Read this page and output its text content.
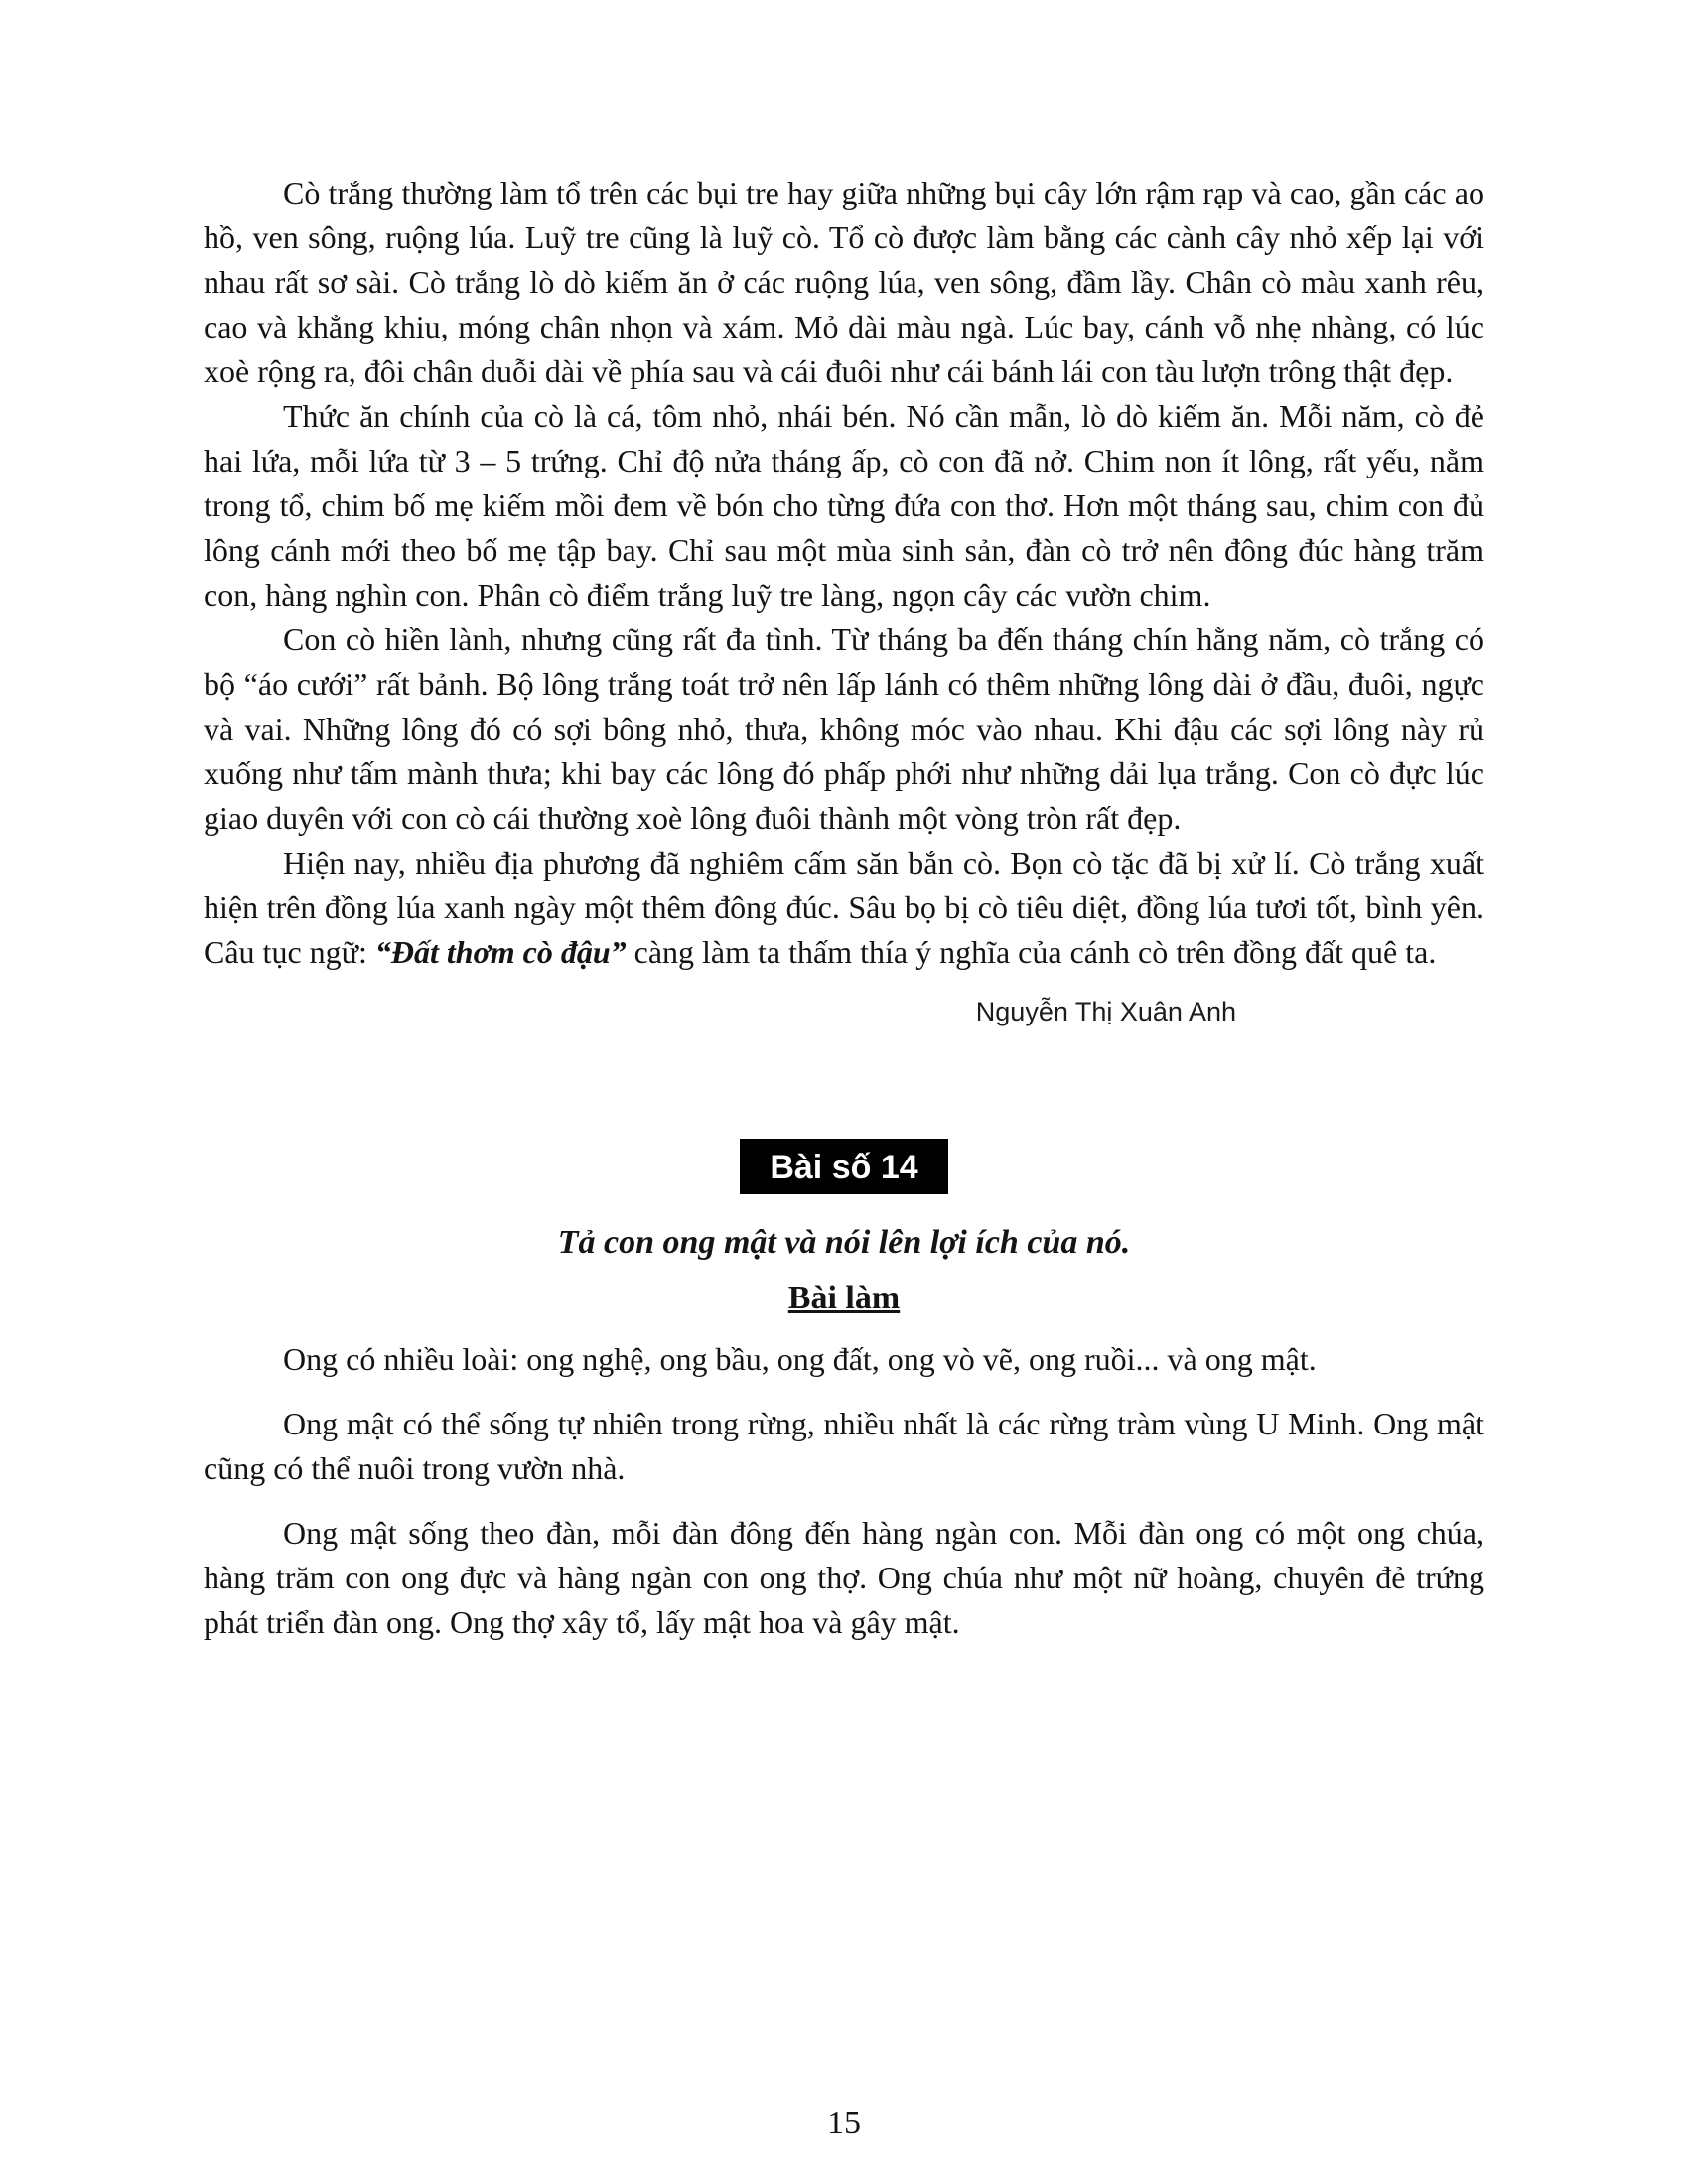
Cò trắng thường làm tổ trên các bụi tre hay giữa những bụi cây lớn rậm rạp và cao, gần các ao hồ, ven sông, ruộng lúa. Luỹ tre cũng là luỹ cò. Tổ cò được làm bằng các cành cây nhỏ xếp lại với nhau rất sơ sài. Cò trắng lò dò kiếm ăn ở các ruộng lúa, ven sông, đầm lầy. Chân cò màu xanh rêu, cao và khẳng khiu, móng chân nhọn và xám. Mỏ dài màu ngà. Lúc bay, cánh vỗ nhẹ nhàng, có lúc xoè rộng ra, đôi chân duỗi dài về phía sau và cái đuôi như cái bánh lái con tàu lượn trông thật đẹp.

Thức ăn chính của cò là cá, tôm nhỏ, nhái bén. Nó cần mẫn, lò dò kiếm ăn. Mỗi năm, cò đẻ hai lứa, mỗi lứa từ 3 – 5 trứng. Chỉ độ nửa tháng ấp, cò con đã nở. Chim non ít lông, rất yếu, nằm trong tổ, chim bố mẹ kiếm mồi đem về bón cho từng đứa con thơ. Hơn một tháng sau, chim con đủ lông cánh mới theo bố mẹ tập bay. Chỉ sau một mùa sinh sản, đàn cò trở nên đông đúc hàng trăm con, hàng nghìn con. Phân cò điểm trắng luỹ tre làng, ngọn cây các vườn chim.

Con cò hiền lành, nhưng cũng rất đa tình. Từ tháng ba đến tháng chín hằng năm, cò trắng có bộ “áo cưới” rất bảnh. Bộ lông trắng toát trở nên lấp lánh có thêm những lông dài ở đầu, đuôi, ngực và vai. Những lông đó có sợi bông nhỏ, thưa, không móc vào nhau. Khi đậu các sợi lông này rủ xuống như tấm mành thưa; khi bay các lông đó phấp phới như những dải lụa trắng. Con cò đực lúc giao duyên với con cò cái thường xoè lông đuôi thành một vòng tròn rất đẹp.

Hiện nay, nhiều địa phương đã nghiêm cấm săn bắn cò. Bọn cò tặc đã bị xử lí. Cò trắng xuất hiện trên đồng lúa xanh ngày một thêm đông đúc. Sâu bọ bị cò tiêu diệt, đồng lúa tươi tốt, bình yên. Câu tục ngữ: “Đất thơm cò đậu” càng làm ta thấm thía ý nghĩa của cánh cò trên đồng đất quê ta.

Nguyễn Thị Xuân Anh
Bài số 14
Tả con ong mật và nói lên lợi ích của nó.
Bài làm

Ong có nhiều loài: ong nghệ, ong bầu, ong đất, ong vò vẽ, ong ruồi... và ong mật.

Ong mật có thể sống tự nhiên trong rừng, nhiều nhất là các rừng tràm vùng U Minh. Ong mật cũng có thể nuôi trong vườn nhà.

Ong mật sống theo đàn, mỗi đàn đông đến hàng ngàn con. Mỗi đàn ong có một ong chúa, hàng trăm con ong đực và hàng ngàn con ong thợ. Ong chúa như một nữ hoàng, chuyên đẻ trứng phát triển đàn ong. Ong thợ xây tổ, lấy mật hoa và gây mật.

15
